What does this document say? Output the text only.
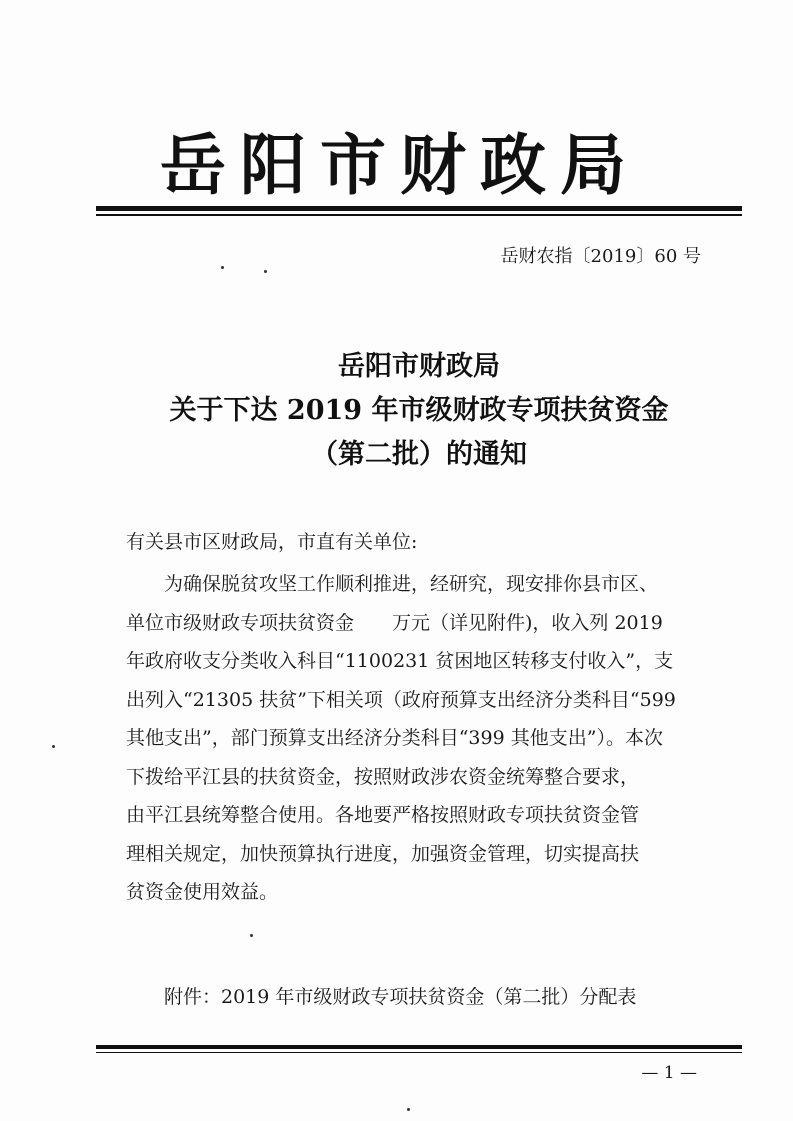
岳阳市财政局
岳财农指〔2019〕60 号
岳阳市财政局
关于下达 2019 年市级财政专项扶贫资金
（第二批）的通知
有关县市区财政局，市直有关单位:
　　为确保脱贫攻坚工作顺利推进，经研究，现安排你县市区、
单位市级财政专项扶贫资金　　万元（详见附件)，收入列 2019
年政府收支分类收入科目“1100231 贫困地区转移支付收入”，支
出列入“21305 扶贫”下相关项（政府预算支出经济分类科目“599
其他支出”，部门预算支出经济分类科目“399 其他支出”）。本次
下拨给平江县的扶贫资金，按照财政涉农资金统筹整合要求，
由平江县统筹整合使用。各地要严格按照财政专项扶贫资金管
理相关规定，加快预算执行进度，加强资金管理，切实提高扶
贫资金使用效益。
附件：2019 年市级财政专项扶贫资金（第二批）分配表
— 1 —
